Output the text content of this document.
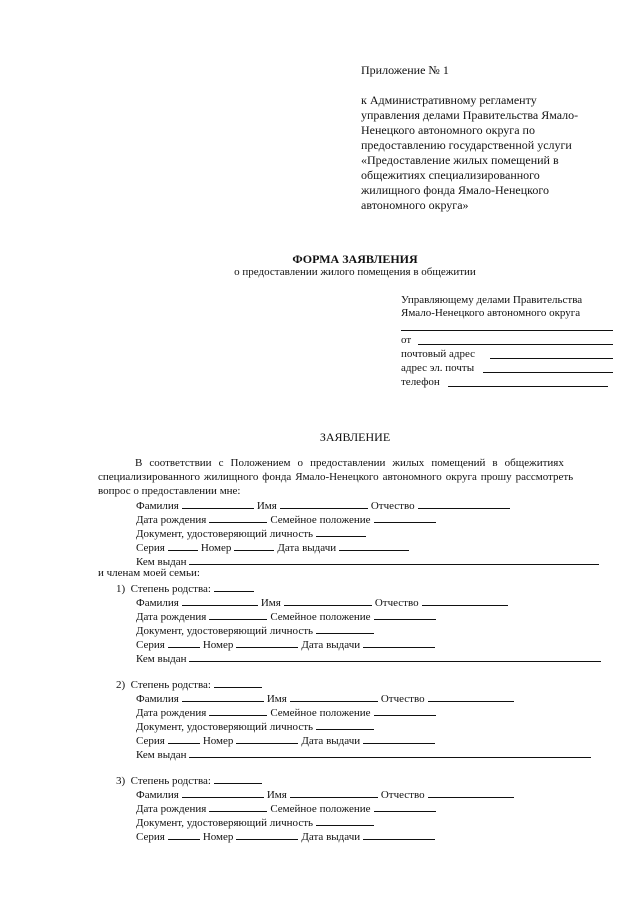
Приложение № 1
к Административному регламенту
управления делами Правительства Ямало-
Ненецкого автономного округа по
предоставлению государственной услуги
«Предоставление жилых помещений в
общежитиях специализированного
жилищного фонда Ямало-Ненецкого
автономного округа»
ФОРМА ЗАЯВЛЕНИЯ
о предоставлении жилого помещения в общежитии
Управляющему делами Правительства
Ямало-Ненецкого автономного округа
от
почтовый адрес
адрес эл. почты
телефон
ЗАЯВЛЕНИЕ
В соответствии с Положением о предоставлении жилых помещений в общежитиях
специализированного жилищного фонда Ямало-Ненецкого автономного округа прошу рассмотреть
вопрос о предоставлении мне:
Фамилия	Имя	Отчество
Дата рождения	Семейное положение
Документ, удостоверяющий личность
Серия	Номер	Дата выдачи
Кем выдан
и членам моей семьи:
1) Степень родства:
Фамилия	Имя	Отчество
Дата рождения	Семейное положение
Документ, удостоверяющий личность
Серия	Номер	Дата выдачи
Кем выдан
2) Степень родства:
Фамилия	Имя	Отчество
Дата рождения	Семейное положение
Документ, удостоверяющий личность
Серия	Номер	Дата выдачи
Кем выдан
3) Степень родства:
Фамилия	Имя	Отчество
Дата рождения	Семейное положение
Документ, удостоверяющий личность
Серия	Номер	Дата выдачи
